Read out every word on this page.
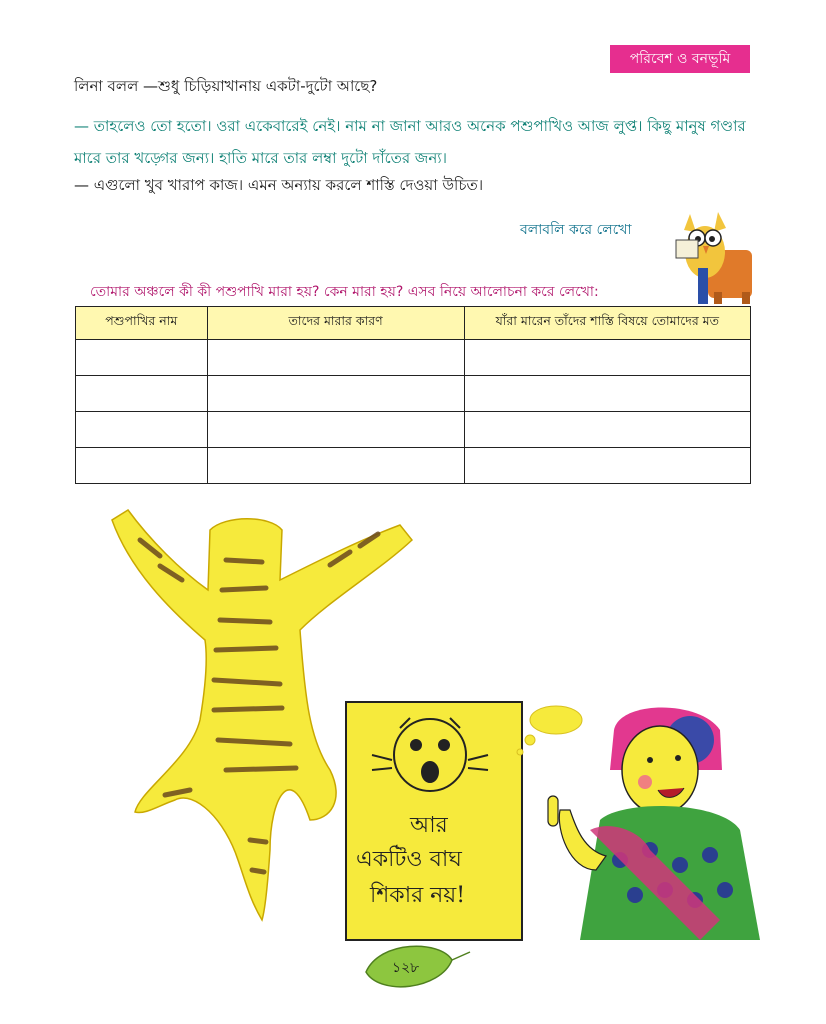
পরিবেশ ও বনভূমি
লিনা বলল —শুধু চিড়িয়াখানায় একটা-দুটো আছে?
— তাহলেও তো হতো। ওরা একেবারেই নেই। নাম না জানা আরও অনেক পশুপাখিও আজ লুপ্ত। কিছু মানুষ গণ্ডার মারে তার খড়্গের জন্য। হাতি মারে তার লম্বা দুটো দাঁতের জন্য।
— এগুলো খুব খারাপ কাজ। এমন অন্যায় করলে শাস্তি দেওয়া উচিত।
বলাবলি করে লেখো
তোমার অঞ্চলে কী কী পশুপাখি মারা হয়? কেন মারা হয়? এসব নিয়ে আলোচনা করে লেখো:
পশুপাখির নাম	তাদের মারার কারণ	যাঁরা মারেন তাঁদের শাস্তি বিষয়ে তোমাদের মত

আর
একটিও বাঘ
শিকার নয়!
১২৮
